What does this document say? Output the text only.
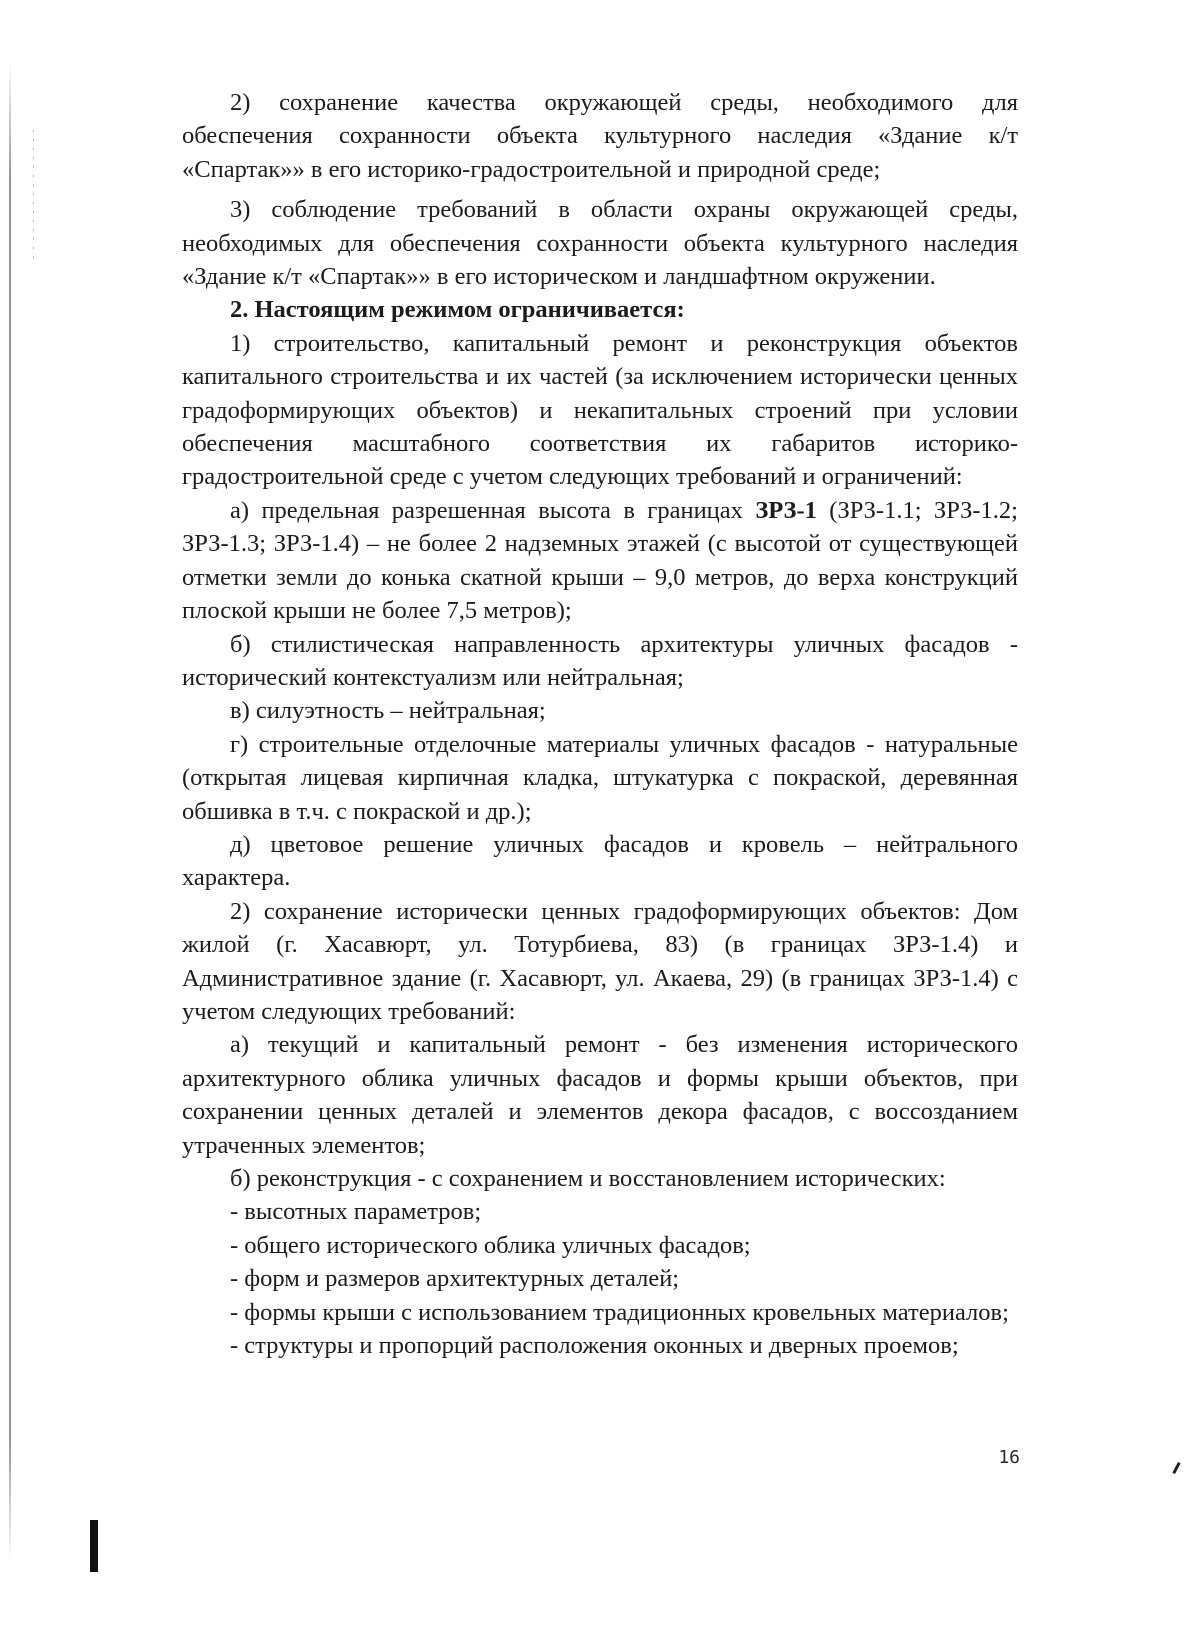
2) сохранение качества окружающей среды, необходимого для обеспечения сохранности объекта культурного наследия «Здание к/т «Спартак»» в его историко-градостроительной и природной среде;

3) соблюдение требований в области охраны окружающей среды, необходимых для обеспечения сохранности объекта культурного наследия «Здание к/т «Спартак»» в его историческом и ландшафтном окружении.

2. Настоящим режимом ограничивается:

1) строительство, капитальный ремонт и реконструкция объектов капитального строительства и их частей (за исключением исторически ценных градоформирующих объектов) и некапитальных строений при условии обеспечения масштабного соответствия их габаритов историко-градостроительной среде с учетом следующих требований и ограничений:

а) предельная разрешенная высота в границах ЗРЗ-1 (ЗРЗ-1.1; ЗРЗ-1.2; ЗРЗ-1.3; ЗРЗ-1.4) – не более 2 надземных этажей (с высотой от существующей отметки земли до конька скатной крыши – 9,0 метров, до верха конструкций плоской крыши не более 7,5 метров);

б) стилистическая направленность архитектуры уличных фасадов - исторический контекстуализм или нейтральная;

в) силуэтность – нейтральная;

г) строительные отделочные материалы уличных фасадов - натуральные (открытая лицевая кирпичная кладка, штукатурка с покраской, деревянная обшивка в т.ч. с покраской и др.);

д) цветовое решение уличных фасадов и кровель – нейтрального характера.

2) сохранение исторически ценных градоформирующих объектов: Дом жилой (г. Хасавюрт, ул. Тотурбиева, 83) (в границах ЗРЗ-1.4) и Административное здание (г. Хасавюрт, ул. Акаева, 29) (в границах ЗРЗ-1.4) с учетом следующих требований:

а) текущий и капитальный ремонт - без изменения исторического архитектурного облика уличных фасадов и формы крыши объектов, при сохранении ценных деталей и элементов декора фасадов, с воссозданием утраченных элементов;

б) реконструкция - с сохранением и восстановлением исторических:

- высотных параметров;

- общего исторического облика уличных фасадов;

- форм и размеров архитектурных деталей;

- формы крыши с использованием традиционных кровельных материалов;

- структуры и пропорций расположения оконных и дверных проемов;

16
